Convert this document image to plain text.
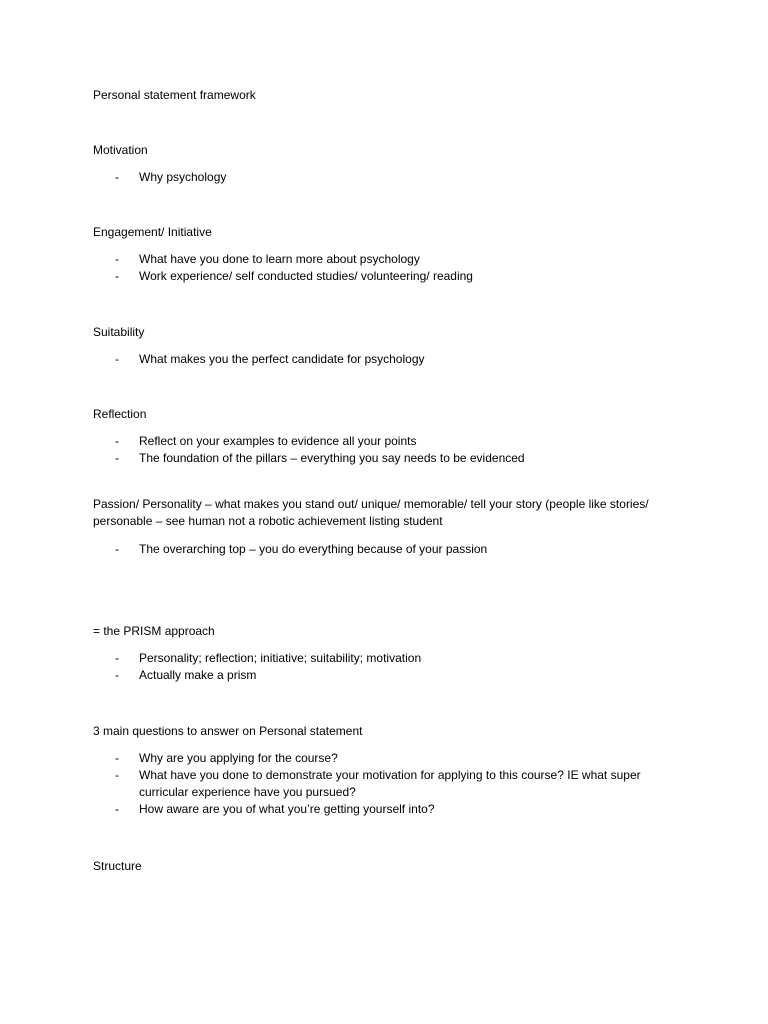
Personal statement framework

Motivation

- Why psychology

Engagement/ Initiative

- What have you done to learn more about psychology
- Work experience/ self conducted studies/ volunteering/ reading

Suitability

- What makes you the perfect candidate for psychology

Reflection

- Reflect on your examples to evidence all your points
- The foundation of the pillars – everything you say needs to be evidenced

Passion/ Personality – what makes you stand out/ unique/ memorable/ tell your story (people like stories/ personable – see human not a robotic achievement listing student

- The overarching top – you do everything because of your passion

= the PRISM approach

- Personality; reflection; initiative; suitability; motivation
- Actually make a prism

3 main questions to answer on Personal statement

- Why are you applying for the course?
- What have you done to demonstrate your motivation for applying to this course? IE what super curricular experience have you pursued?
- How aware are you of what you’re getting yourself into?

Structure
